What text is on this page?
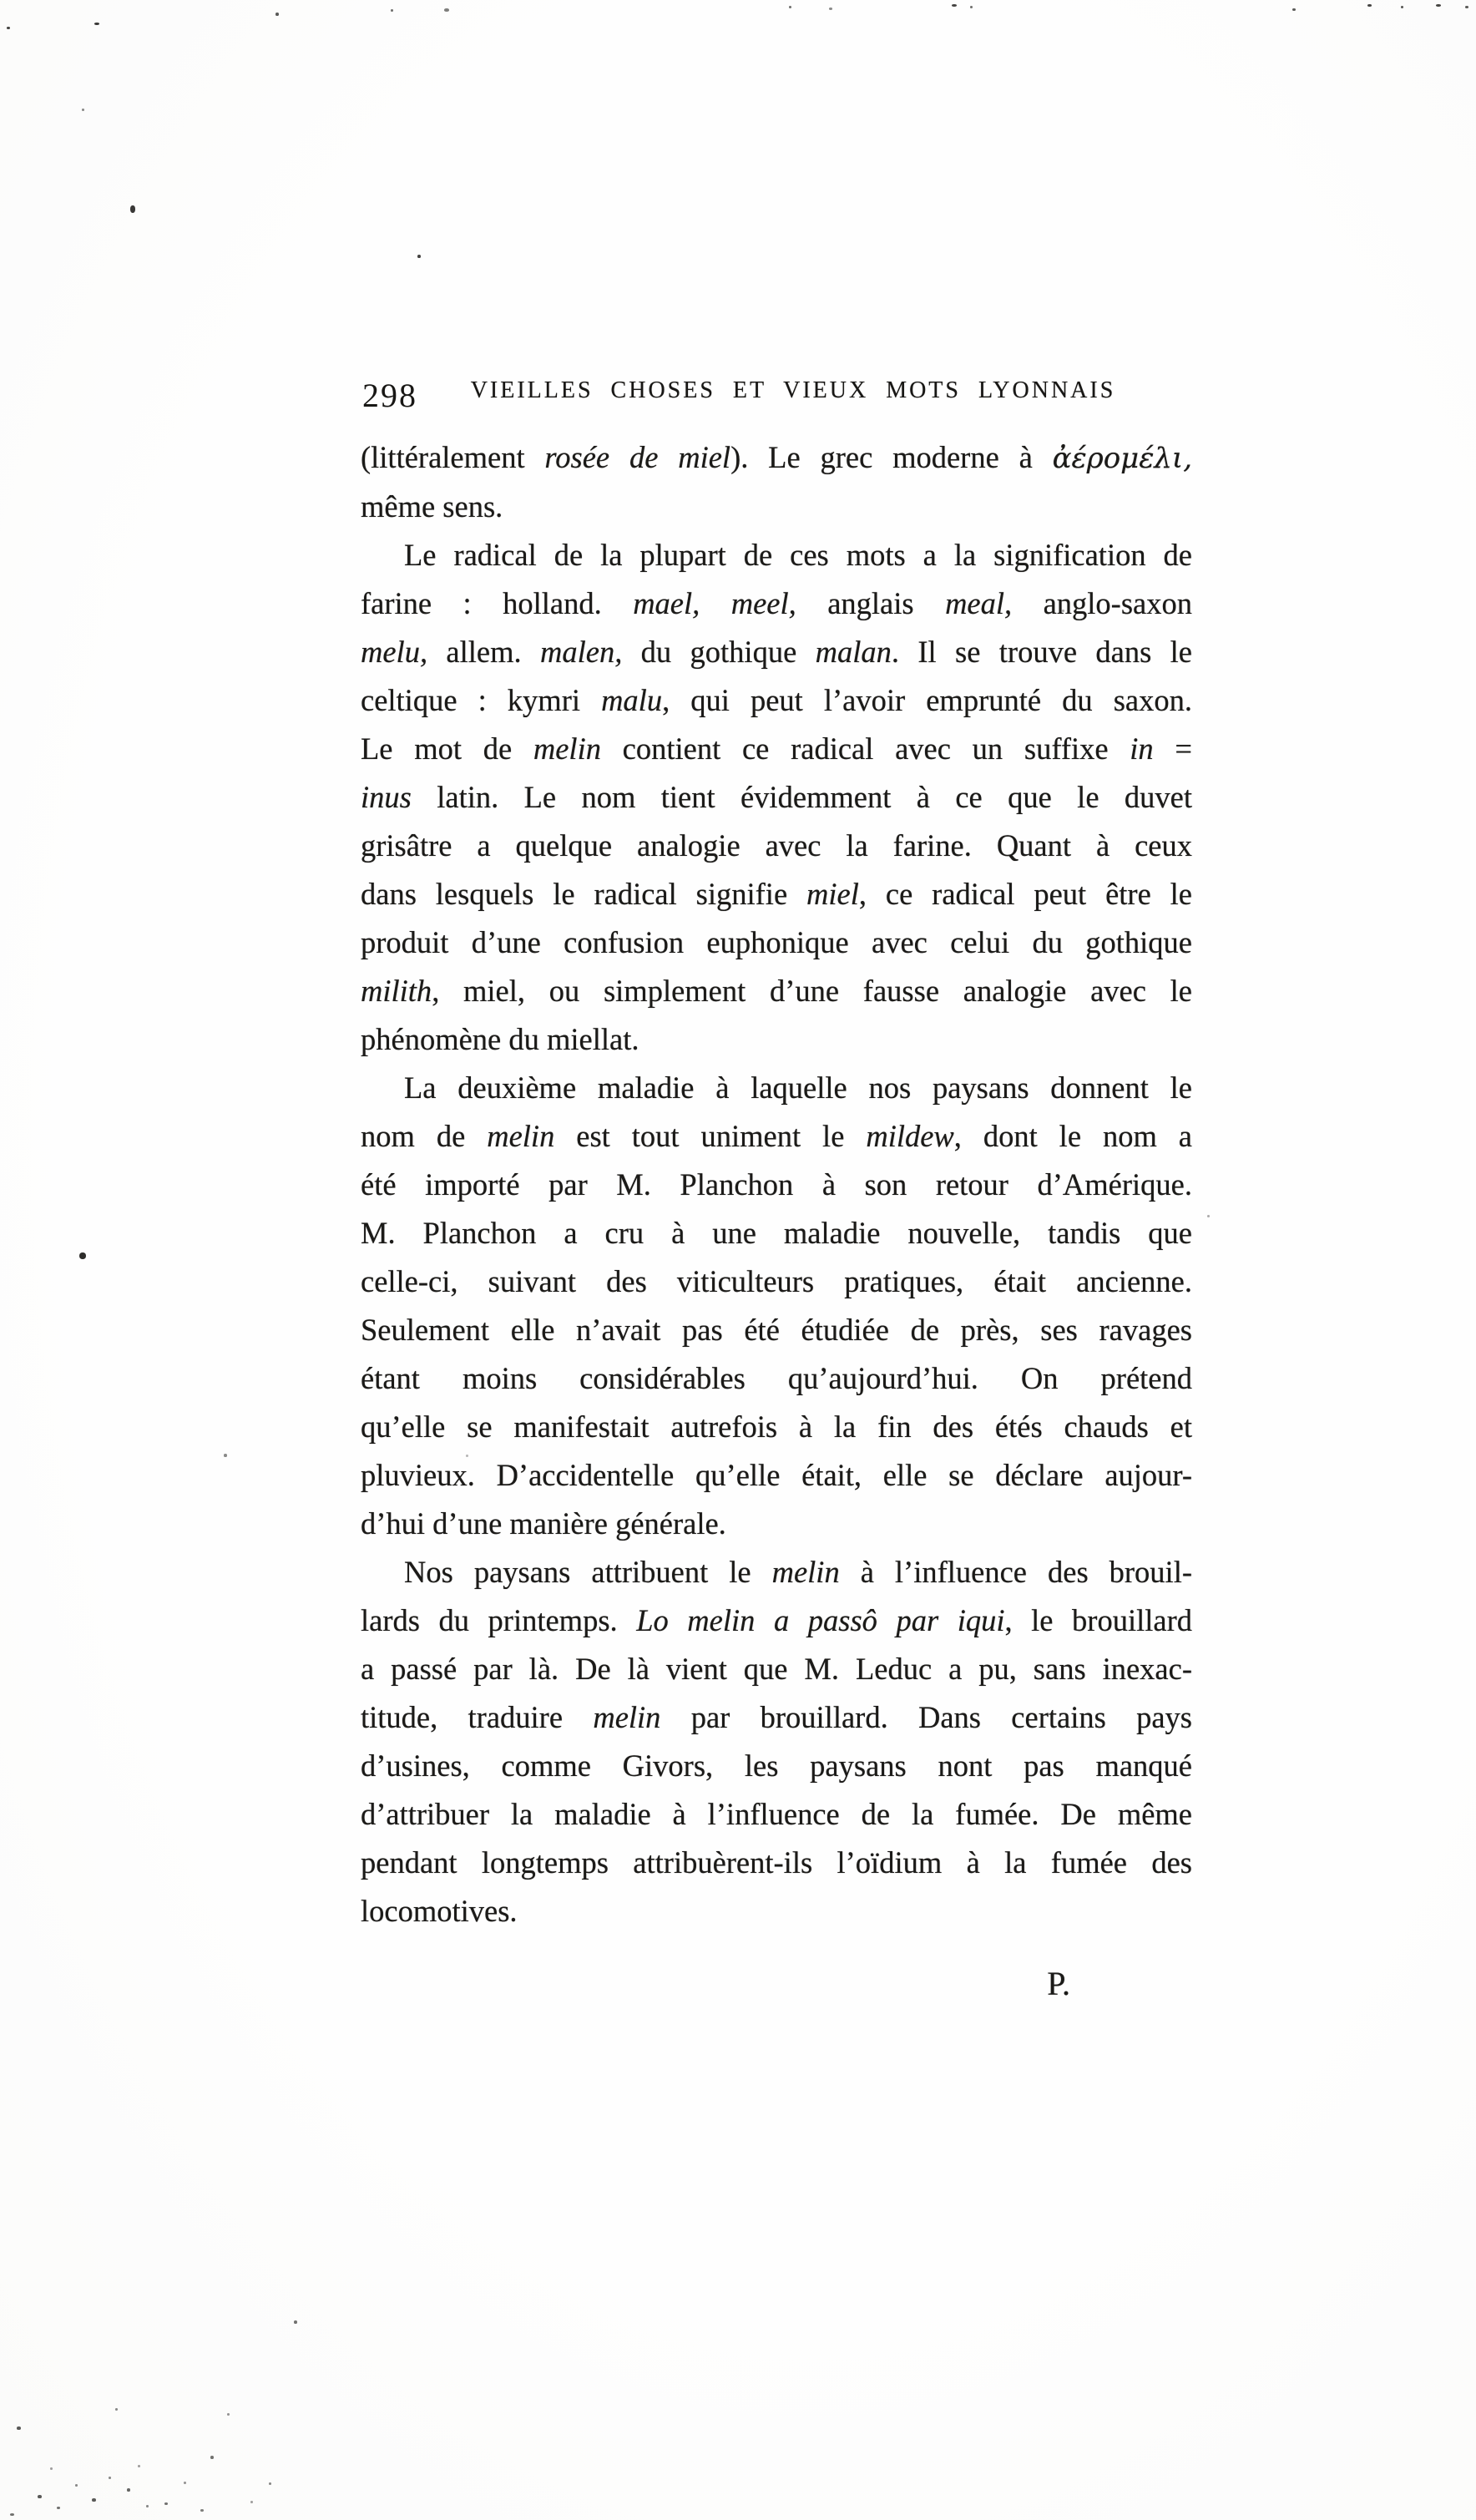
298	VIEILLES CHOSES ET VIEUX MOTS LYONNAIS
(littéralement rosée de miel). Le grec moderne à ἀέρομέλι,
même sens.
Le radical de la plupart de ces mots a la signification de
farine : holland. mael, meel, anglais meal, anglo-saxon
melu, allem. malen, du gothique malan. Il se trouve dans le
celtique : kymri malu, qui peut l’avoir emprunté du saxon.
Le mot de melin contient ce radical avec un suffixe in =
inus latin. Le nom tient évidemment à ce que le duvet
grisâtre a quelque analogie avec la farine. Quant à ceux
dans lesquels le radical signifie miel, ce radical peut être le
produit d’une confusion euphonique avec celui du gothique
milith, miel, ou simplement d’une fausse analogie avec le
phénomène du miellat.
La deuxième maladie à laquelle nos paysans donnent le
nom de melin est tout uniment le mildew, dont le nom a
été importé par M. Planchon à son retour d’Amérique.
M. Planchon a cru à une maladie nouvelle, tandis que
celle-ci, suivant des viticulteurs pratiques, était ancienne.
Seulement elle n’avait pas été étudiée de près, ses ravages
étant moins considérables qu’aujourd’hui. On prétend
qu’elle se manifestait autrefois à la fin des étés chauds et
pluvieux. D’accidentelle qu’elle était, elle se déclare aujour-
d’hui d’une manière générale.
Nos paysans attribuent le melin à l’influence des brouil-
lards du printemps. Lo melin a passô par iqui, le brouillard
a passé par là. De là vient que M. Leduc a pu, sans inexac-
titude, traduire melin par brouillard. Dans certains pays
d’usines, comme Givors, les paysans nont pas manqué
d’attribuer la maladie à l’influence de la fumée. De même
pendant longtemps attribuèrent-ils l’oïdium à la fumée des
locomotives.
P.
